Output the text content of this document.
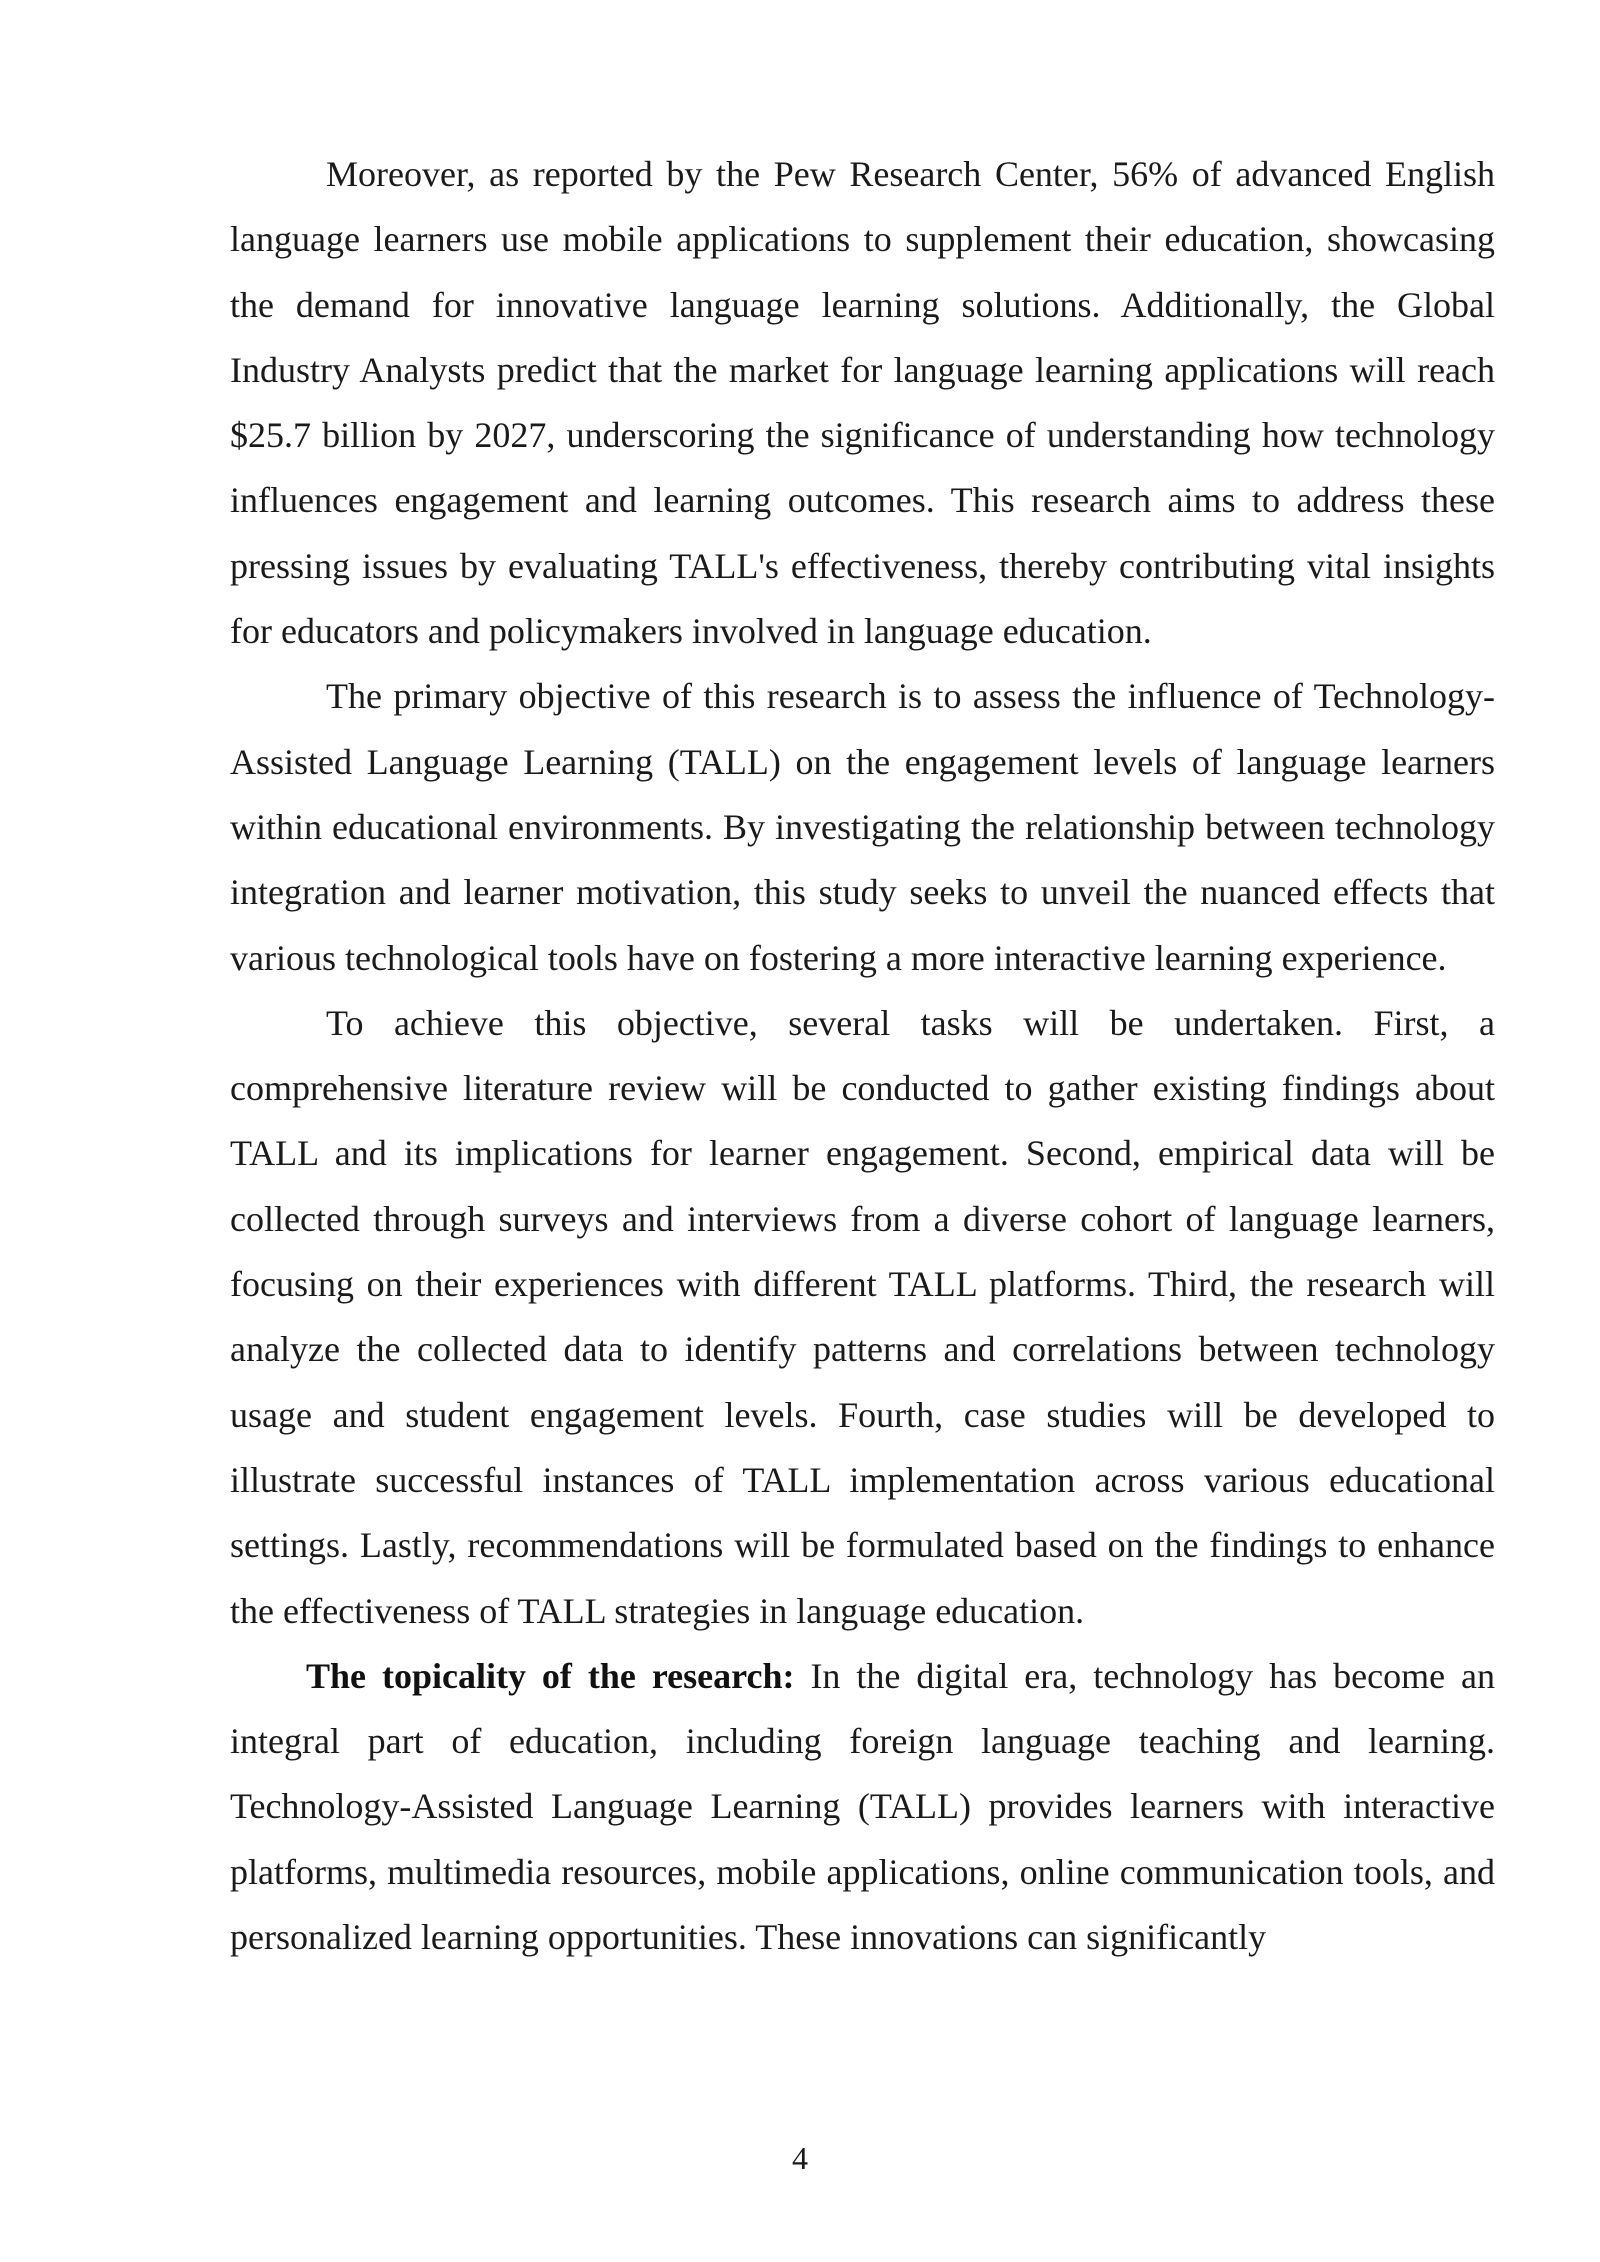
Moreover, as reported by the Pew Research Center, 56% of advanced English language learners use mobile applications to supplement their education, showcasing the demand for innovative language learning solutions. Additionally, the Global Industry Analysts predict that the market for language learning applications will reach $25.7 billion by 2027, underscoring the significance of understanding how technology influences engagement and learning outcomes. This research aims to address these pressing issues by evaluating TALL's effectiveness, thereby contributing vital insights for educators and policymakers involved in language education.

The primary objective of this research is to assess the influence of Technology-Assisted Language Learning (TALL) on the engagement levels of language learners within educational environments. By investigating the relationship between technology integration and learner motivation, this study seeks to unveil the nuanced effects that various technological tools have on fostering a more interactive learning experience.

To achieve this objective, several tasks will be undertaken. First, a comprehensive literature review will be conducted to gather existing findings about TALL and its implications for learner engagement. Second, empirical data will be collected through surveys and interviews from a diverse cohort of language learners, focusing on their experiences with different TALL platforms. Third, the research will analyze the collected data to identify patterns and correlations between technology usage and student engagement levels. Fourth, case studies will be developed to illustrate successful instances of TALL implementation across various educational settings. Lastly, recommendations will be formulated based on the findings to enhance the effectiveness of TALL strategies in language education.

The topicality of the research: In the digital era, technology has become an integral part of education, including foreign language teaching and learning. Technology-Assisted Language Learning (TALL) provides learners with interactive platforms, multimedia resources, mobile applications, online communication tools, and personalized learning opportunities. These innovations can significantly

4
